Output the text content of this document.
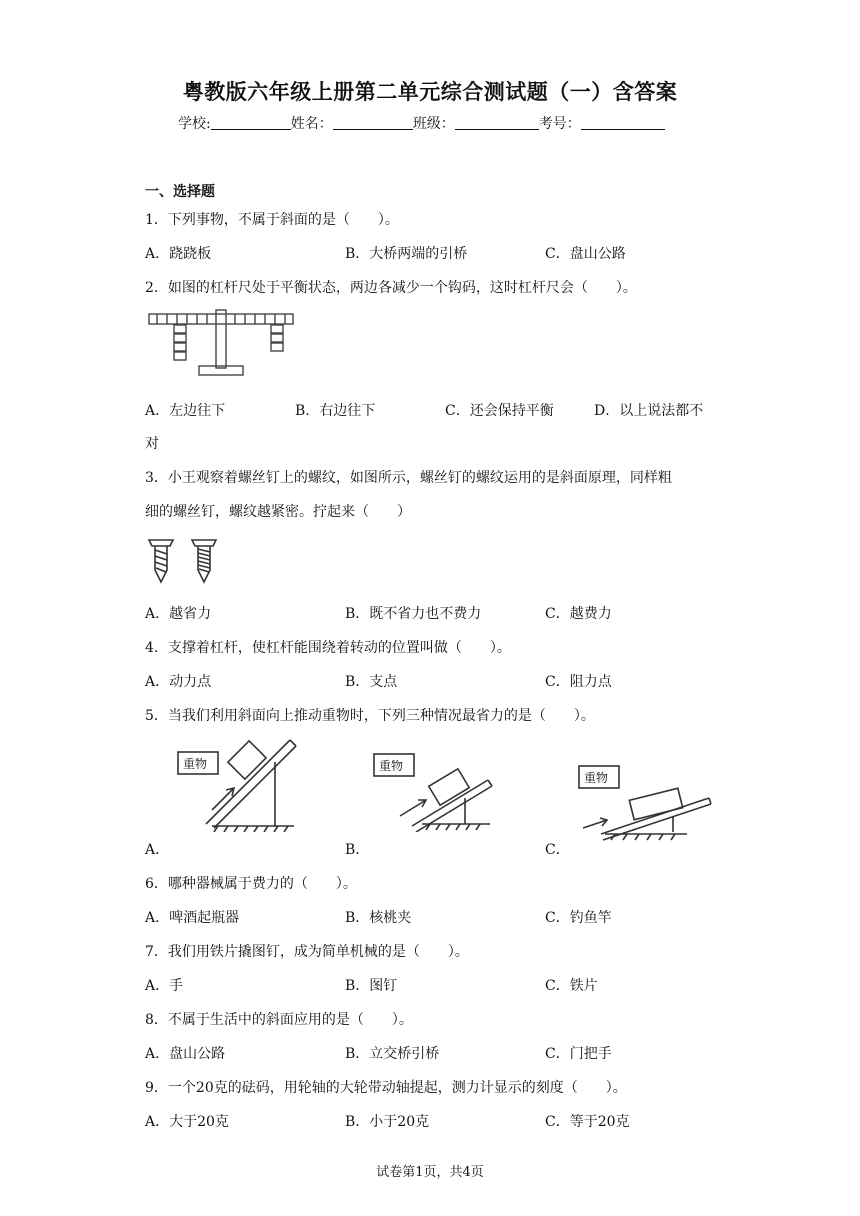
粤教版六年级上册第二单元综合测试题（一）含答案
学校:	姓名：	班级：	考号：
一、选择题
1．下列事物，不属于斜面的是（　　）。
A．跷跷板	B．大桥两端的引桥	C．盘山公路
2．如图的杠杆尺处于平衡状态，两边各减少一个钩码，这时杠杆尺会（　　）。
A．左边往下	B．右边往下	C．还会保持平衡	D．以上说法都不
对
3．小王观察着螺丝钉上的螺纹，如图所示，螺丝钉的螺纹运用的是斜面原理，同样粗
细的螺丝钉，螺纹越紧密。拧起来（　　）
A．越省力	B．既不省力也不费力	C．越费力
4．支撑着杠杆，使杠杆能围绕着转动的位置叫做（　　）。
A．动力点	B．支点	C．阻力点
5．当我们利用斜面向上推动重物时，下列三种情况最省力的是（　　）。
重物	重物
重物
A．	B．	C．
6．哪种器械属于费力的（　　）。
A．啤酒起瓶器	B．核桃夹	C．钓鱼竿
7．我们用铁片撬图钉，成为简单机械的是（　　）。
A．手	B．图钉	C．铁片
8．不属于生活中的斜面应用的是（　　）。
A．盘山公路	B．立交桥引桥	C．门把手
9．一个20克的砝码，用轮轴的大轮带动轴提起，测力计显示的刻度（　　）。
A．大于20克	B．小于20克	C．等于20克
试卷第1页，共4页
